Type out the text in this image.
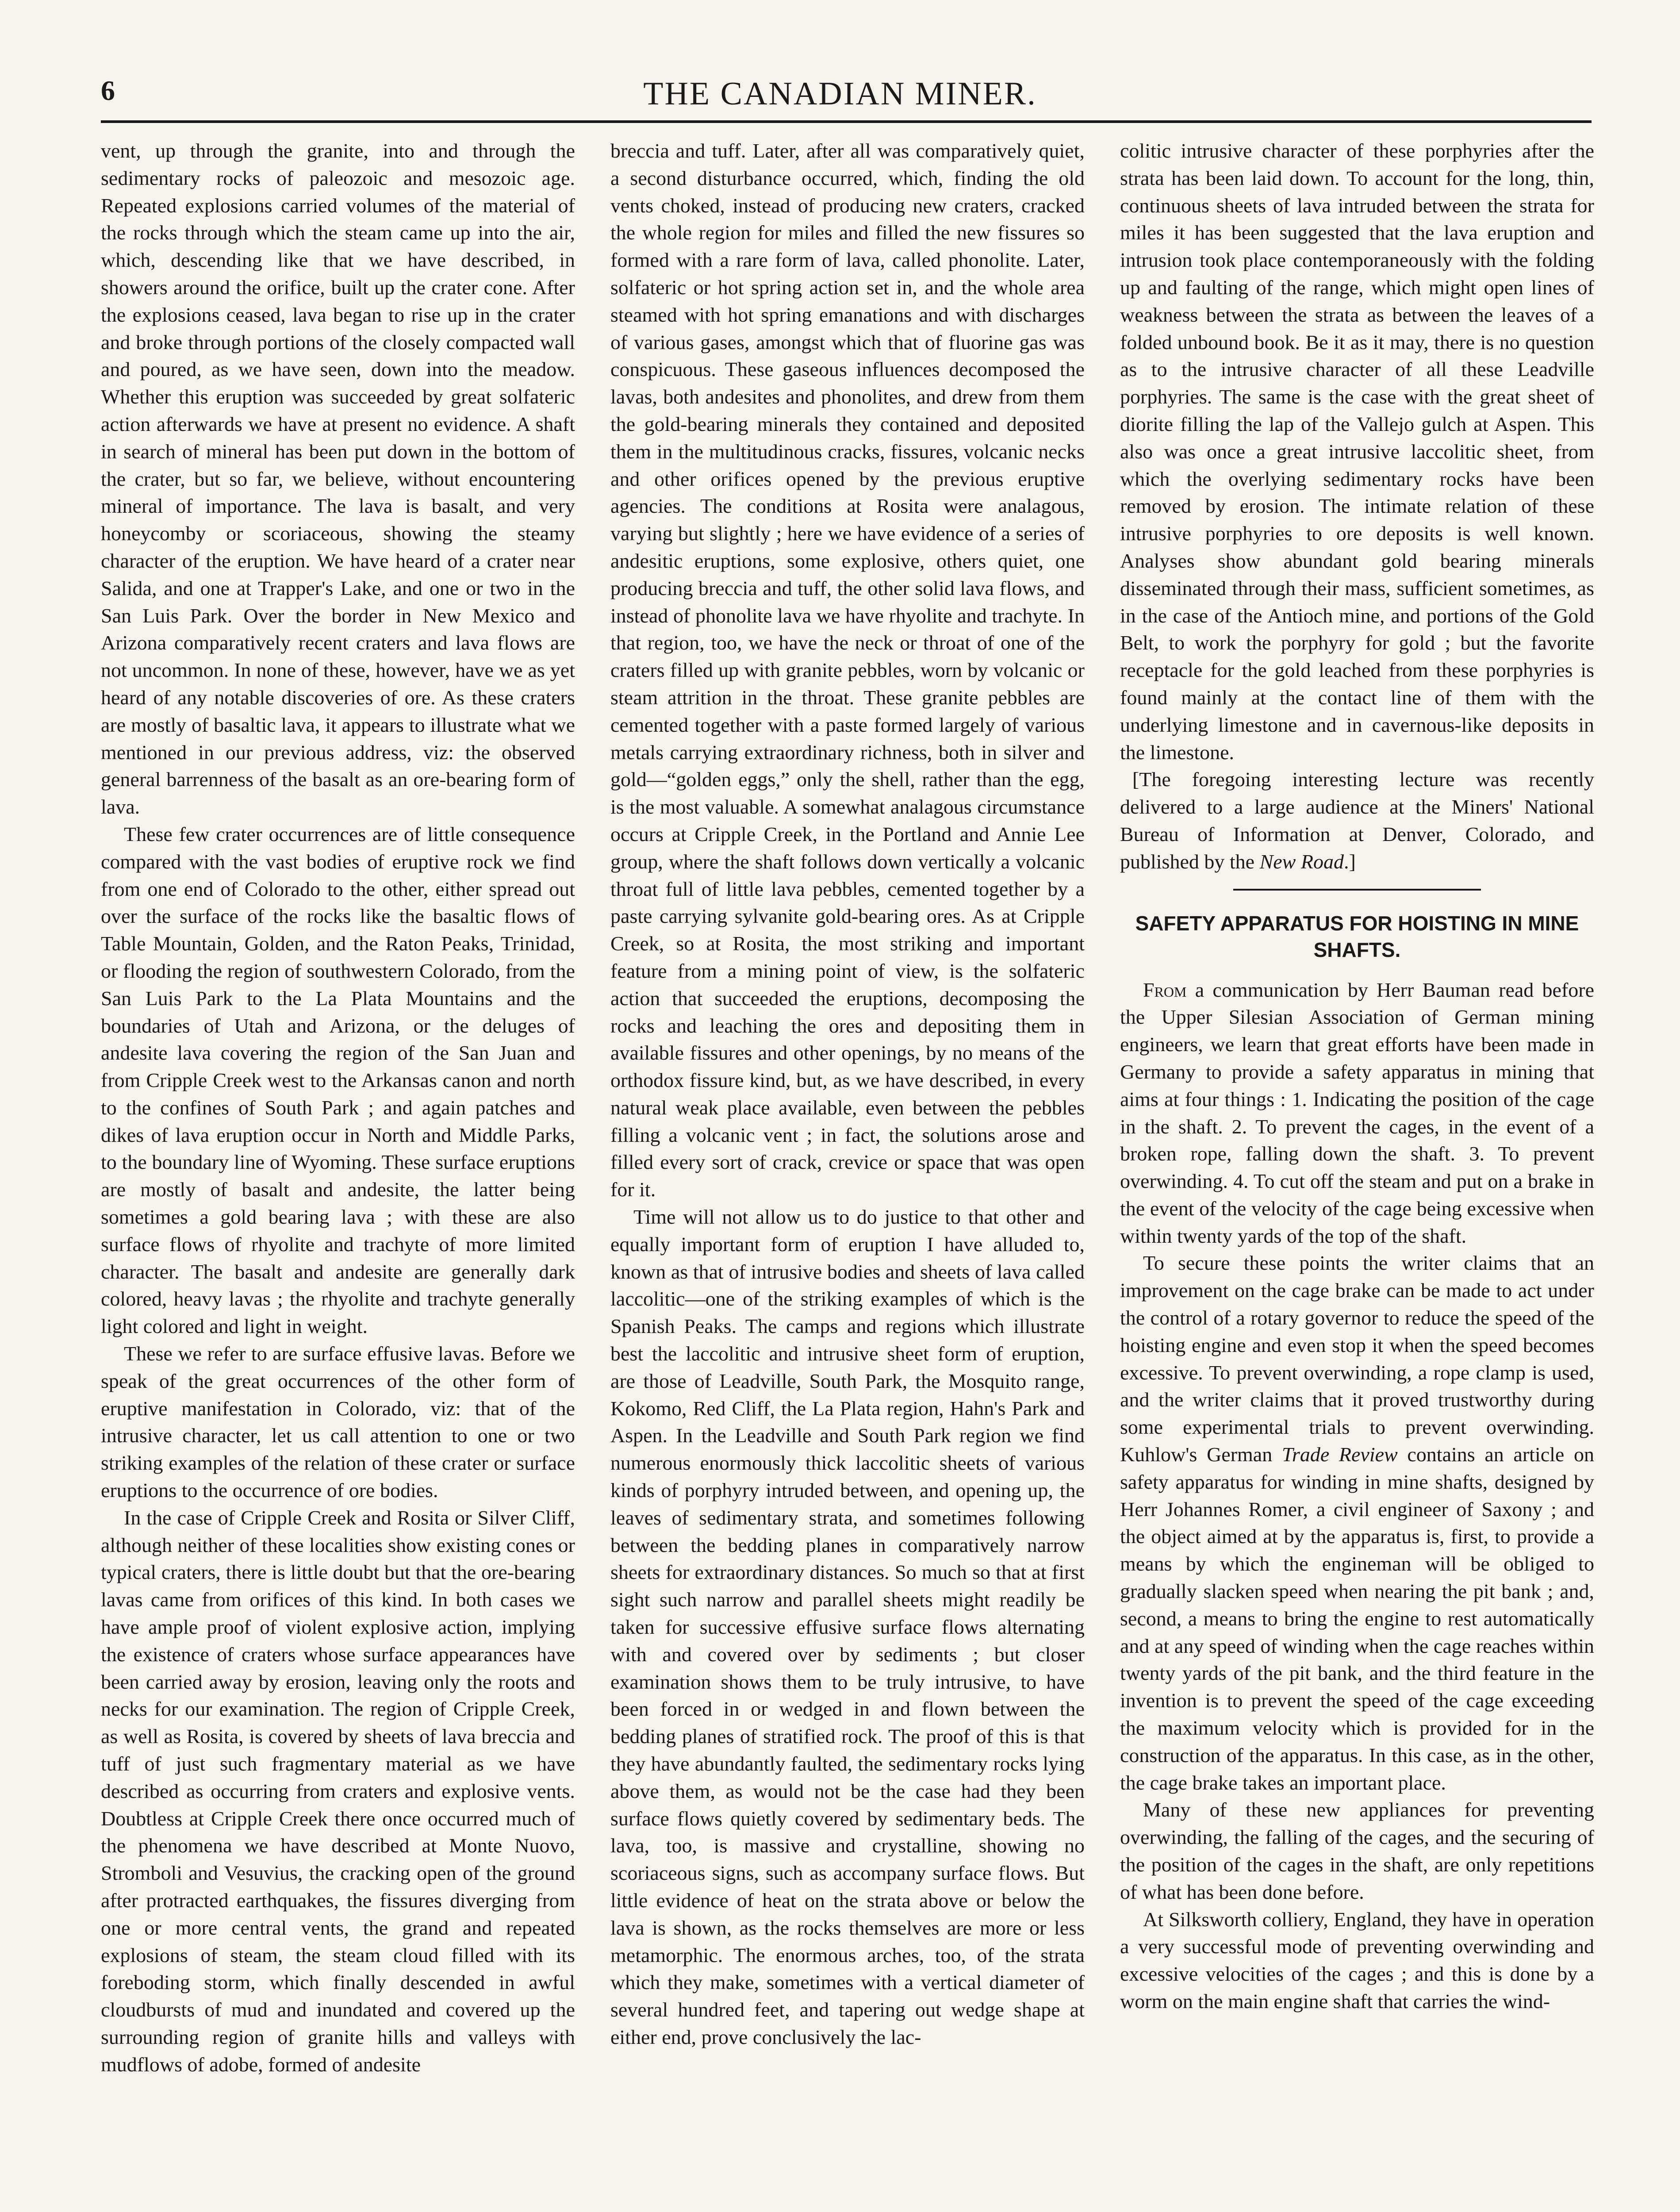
6	THE CANADIAN MINER.

vent, up through the granite, into and through the sedimentary rocks of paleozoic and mesozoic age. Repeated explosions carried volumes of the material of the rocks through which the steam came up into the air, which, descending like that we have described, in showers around the orifice, built up the crater cone. After the explosions ceased, lava began to rise up in the crater and broke through portions of the closely compacted wall and poured, as we have seen, down into the meadow. Whether this eruption was succeeded by great solfateric action afterwards we have at present no evidence. A shaft in search of mineral has been put down in the bottom of the crater, but so far, we believe, without encountering mineral of importance. The lava is basalt, and very honeycomby or scoriaceous, showing the steamy character of the eruption. We have heard of a crater near Salida, and one at Trapper's Lake, and one or two in the San Luis Park. Over the border in New Mexico and Arizona comparatively recent craters and lava flows are not uncommon. In none of these, however, have we as yet heard of any notable discoveries of ore. As these craters are mostly of basaltic lava, it appears to illustrate what we mentioned in our previous address, viz: the observed general barrenness of the basalt as an ore-bearing form of lava.

These few crater occurrences are of little consequence compared with the vast bodies of eruptive rock we find from one end of Colorado to the other, either spread out over the surface of the rocks like the basaltic flows of Table Mountain, Golden, and the Raton Peaks, Trinidad, or flooding the region of southwestern Colorado, from the San Luis Park to the La Plata Mountains and the boundaries of Utah and Arizona, or the deluges of andesite lava covering the region of the San Juan and from Cripple Creek west to the Arkansas canon and north to the confines of South Park ; and again patches and dikes of lava eruption occur in North and Middle Parks, to the boundary line of Wyoming. These surface eruptions are mostly of basalt and andesite, the latter being sometimes a gold bearing lava ; with these are also surface flows of rhyolite and trachyte of more limited character. The basalt and andesite are generally dark colored, heavy lavas ; the rhyolite and trachyte generally light colored and light in weight.

These we refer to are surface effusive lavas. Before we speak of the great occurrences of the other form of eruptive manifestation in Colorado, viz: that of the intrusive character, let us call attention to one or two striking examples of the relation of these crater or surface eruptions to the occurrence of ore bodies.

In the case of Cripple Creek and Rosita or Silver Cliff, although neither of these localities show existing cones or typical craters, there is little doubt but that the ore-bearing lavas came from orifices of this kind. In both cases we have ample proof of violent explosive action, implying the existence of craters whose surface appearances have been carried away by erosion, leaving only the roots and necks for our examination. The region of Cripple Creek, as well as Rosita, is covered by sheets of lava breccia and tuff of just such fragmentary material as we have described as occurring from craters and explosive vents. Doubtless at Cripple Creek there once occurred much of the phenomena we have described at Monte Nuovo, Stromboli and Vesuvius, the cracking open of the ground after protracted earthquakes, the fissures diverging from one or more central vents, the grand and repeated explosions of steam, the steam cloud filled with its foreboding storm, which finally descended in awful cloudbursts of mud and inundated and covered up the surrounding region of granite hills and valleys with mudflows of adobe, formed of andesite

breccia and tuff. Later, after all was comparatively quiet, a second disturbance occurred, which, finding the old vents choked, instead of producing new craters, cracked the whole region for miles and filled the new fissures so formed with a rare form of lava, called phonolite. Later, solfateric or hot spring action set in, and the whole area steamed with hot spring emanations and with discharges of various gases, amongst which that of fluorine gas was conspicuous. These gaseous influences decomposed the lavas, both andesites and phonolites, and drew from them the gold-bearing minerals they contained and deposited them in the multitudinous cracks, fissures, volcanic necks and other orifices opened by the previous eruptive agencies. The conditions at Rosita were analagous, varying but slightly ; here we have evidence of a series of andesitic eruptions, some explosive, others quiet, one producing breccia and tuff, the other solid lava flows, and instead of phonolite lava we have rhyolite and trachyte. In that region, too, we have the neck or throat of one of the craters filled up with granite pebbles, worn by volcanic or steam attrition in the throat. These granite pebbles are cemented together with a paste formed largely of various metals carrying extraordinary richness, both in silver and gold—“golden eggs,” only the shell, rather than the egg, is the most valuable. A somewhat analagous circumstance occurs at Cripple Creek, in the Portland and Annie Lee group, where the shaft follows down vertically a volcanic throat full of little lava pebbles, cemented together by a paste carrying sylvanite gold-bearing ores. As at Cripple Creek, so at Rosita, the most striking and important feature from a mining point of view, is the solfateric action that succeeded the eruptions, decomposing the rocks and leaching the ores and depositing them in available fissures and other openings, by no means of the orthodox fissure kind, but, as we have described, in every natural weak place available, even between the pebbles filling a volcanic vent ; in fact, the solutions arose and filled every sort of crack, crevice or space that was open for it.

Time will not allow us to do justice to that other and equally important form of eruption I have alluded to, known as that of intrusive bodies and sheets of lava called laccolitic—one of the striking examples of which is the Spanish Peaks. The camps and regions which illustrate best the laccolitic and intrusive sheet form of eruption, are those of Leadville, South Park, the Mosquito range, Kokomo, Red Cliff, the La Plata region, Hahn's Park and Aspen. In the Leadville and South Park region we find numerous enormously thick laccolitic sheets of various kinds of porphyry intruded between, and opening up, the leaves of sedimentary strata, and sometimes following between the bedding planes in comparatively narrow sheets for extraordinary distances. So much so that at first sight such narrow and parallel sheets might readily be taken for successive effusive surface flows alternating with and covered over by sediments ; but closer examination shows them to be truly intrusive, to have been forced in or wedged in and flown between the bedding planes of stratified rock. The proof of this is that they have abundantly faulted, the sedimentary rocks lying above them, as would not be the case had they been surface flows quietly covered by sedimentary beds. The lava, too, is massive and crystalline, showing no scoriaceous signs, such as accompany surface flows. But little evidence of heat on the strata above or below the lava is shown, as the rocks themselves are more or less metamorphic. The enormous arches, too, of the strata which they make, sometimes with a vertical diameter of several hundred feet, and tapering out wedge shape at either end, prove conclusively the lac-

colitic intrusive character of these porphyries after the strata has been laid down. To account for the long, thin, continuous sheets of lava intruded between the strata for miles it has been suggested that the lava eruption and intrusion took place contemporaneously with the folding up and faulting of the range, which might open lines of weakness between the strata as between the leaves of a folded unbound book. Be it as it may, there is no question as to the intrusive character of all these Leadville porphyries. The same is the case with the great sheet of diorite filling the lap of the Vallejo gulch at Aspen. This also was once a great intrusive laccolitic sheet, from which the overlying sedimentary rocks have been removed by erosion. The intimate relation of these intrusive porphyries to ore deposits is well known. Analyses show abundant gold bearing minerals disseminated through their mass, sufficient sometimes, as in the case of the Antioch mine, and portions of the Gold Belt, to work the porphyry for gold ; but the favorite receptacle for the gold leached from these porphyries is found mainly at the contact line of them with the underlying limestone and in cavernous-like deposits in the limestone.

[The foregoing interesting lecture was recently delivered to a large audience at the Miners' National Bureau of Information at Denver, Colorado, and published by the New Road.]

SAFETY APPARATUS FOR HOISTING IN MINE SHAFTS.

From a communication by Herr Bauman read before the Upper Silesian Association of German mining engineers, we learn that great efforts have been made in Germany to provide a safety apparatus in mining that aims at four things : 1. Indicating the position of the cage in the shaft. 2. To prevent the cages, in the event of a broken rope, falling down the shaft. 3. To prevent overwinding. 4. To cut off the steam and put on a brake in the event of the velocity of the cage being excessive when within twenty yards of the top of the shaft.

To secure these points the writer claims that an improvement on the cage brake can be made to act under the control of a rotary governor to reduce the speed of the hoisting engine and even stop it when the speed becomes excessive. To prevent overwinding, a rope clamp is used, and the writer claims that it proved trustworthy during some experimental trials to prevent overwinding. Kuhlow's German Trade Review contains an article on safety apparatus for winding in mine shafts, designed by Herr Johannes Romer, a civil engineer of Saxony ; and the object aimed at by the apparatus is, first, to provide a means by which the engineman will be obliged to gradually slacken speed when nearing the pit bank ; and, second, a means to bring the engine to rest automatically and at any speed of winding when the cage reaches within twenty yards of the pit bank, and the third feature in the invention is to prevent the speed of the cage exceeding the maximum velocity which is provided for in the construction of the apparatus. In this case, as in the other, the cage brake takes an important place.

Many of these new appliances for preventing overwinding, the falling of the cages, and the securing of the position of the cages in the shaft, are only repetitions of what has been done before.

At Silksworth colliery, England, they have in operation a very successful mode of preventing overwinding and excessive velocities of the cages ; and this is done by a worm on the main engine shaft that carries the wind-
